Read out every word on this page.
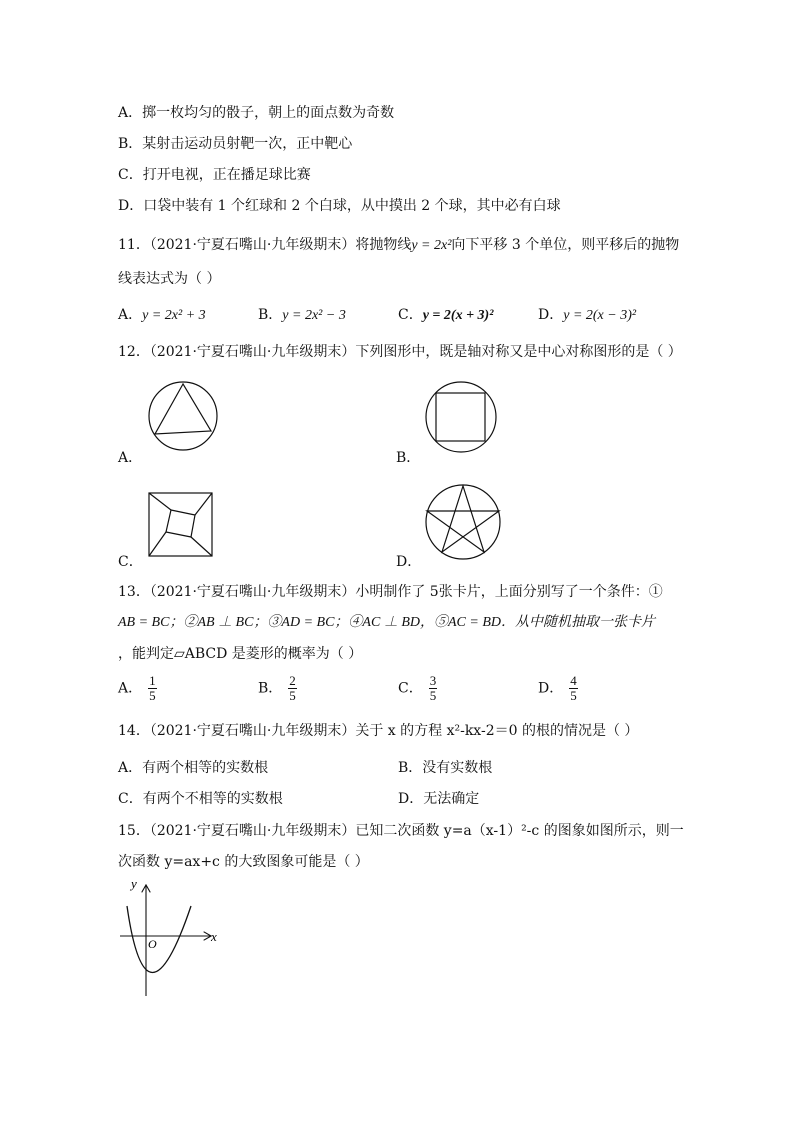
A．掷一枚均匀的骰子，朝上的面点数为奇数
B．某射击运动员射靶一次，正中靶心
C．打开电视，正在播足球比赛
D．口袋中装有 1 个红球和 2 个白球，从中摸出 2 个球，其中必有白球
11．（2021·宁夏石嘴山·九年级期末）将抛物线y = 2x²向下平移 3 个单位，则平移后的抛物
线表达式为（ ）
A．y = 2x² + 3	B．y = 2x² − 3	C．y = 2(x + 3)²	D．y = 2(x − 3)²
12．（2021·宁夏石嘴山·九年级期末）下列图形中，既是轴对称又是中心对称图形的是（ ）
A．	B．
C．	D．
13．（2021·宁夏石嘴山·九年级期末）小明制作了 5张卡片，上面分别写了一个条件：①
AB = BC；②AB ⊥ BC；③AD = BC；④AC ⊥ BD，⑤AC = BD．从中随机抽取一张卡片
，能判定▱ABCD 是菱形的概率为（ ）
A． $\frac{1}{5}$	B． $\frac{2}{5}$	C． $\frac{3}{5}$	D． $\frac{4}{5}$
14．（2021·宁夏石嘴山·九年级期末）关于 x 的方程 x²-kx-2＝0 的根的情况是（ ）
A．有两个相等的实数根	B．没有实数根
C．有两个不相等的实数根	D．无法确定
15．（2021·宁夏石嘴山·九年级期末）已知二次函数 y=a（x-1）²-c 的图象如图所示，则一
次函数 y=ax+c 的大致图象可能是（ ）
y
x
O
